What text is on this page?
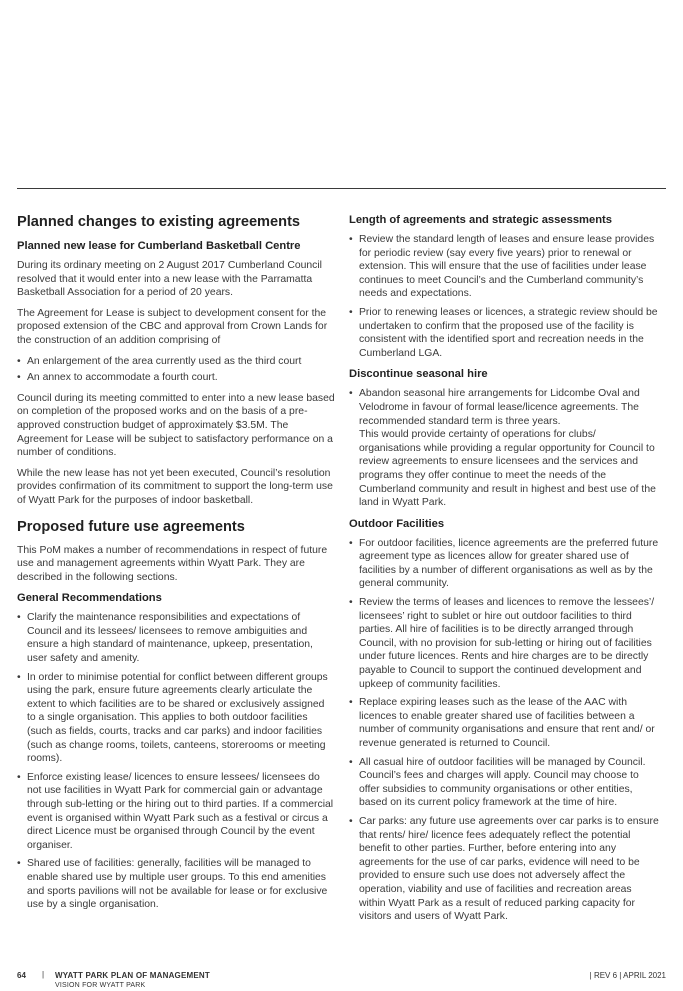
Planned changes to existing agreements
Planned new lease for Cumberland Basketball Centre

During its ordinary meeting on 2 August 2017 Cumberland Council resolved that it would enter into a new lease with the Parramatta Basketball Association for a period of 20 years.

The Agreement for Lease is subject to development consent for the proposed extension of the CBC and approval from Crown Lands for the construction of an addition comprising of

• An enlargement of the area currently used as the third court
• An annex to accommodate a fourth court.

Council during its meeting committed to enter into a new lease based on completion of the proposed works and on the basis of a pre-approved construction budget of approximately $3.5M. The Agreement for Lease will be subject to satisfactory performance on a number of conditions.

While the new lease has not yet been executed, Council’s resolution provides confirmation of its commitment to support the long-term use of Wyatt Park for the purposes of indoor basketball.

Proposed future use agreements

This PoM makes a number of recommendations in respect of future use and management agreements within Wyatt Park. They are described in the following sections.

General Recommendations
• Clarify the maintenance responsibilities and expectations of Council and its lessees/ licensees to remove ambiguities and ensure a high standard of maintenance, upkeep, presentation, user safety and amenity.
• In order to minimise potential for conflict between different groups using the park, ensure future agreements clearly articulate the extent to which facilities are to be shared or exclusively assigned to a single organisation. This applies to both outdoor facilities (such as fields, courts, tracks and car parks) and indoor facilities (such as change rooms, toilets, canteens, storerooms or meeting rooms).
• Enforce existing lease/ licences to ensure lessees/ licensees do not use facilities in Wyatt Park for commercial gain or advantage through sub-letting or the hiring out to third parties. If a commercial event is organised within Wyatt Park such as a festival or circus a direct Licence must be organised through Council by the event organiser.
• Shared use of facilities: generally, facilities will be managed to enable shared use by multiple user groups. To this end amenities and sports pavilions will not be available for lease or for exclusive use by a single organisation.
Length of agreements and strategic assessments
• Review the standard length of leases and ensure lease provides for periodic review (say every five years) prior to renewal or extension. This will ensure that the use of facilities under lease continues to meet Council’s and the Cumberland community’s needs and expectations.
• Prior to renewing leases or licences, a strategic review should be undertaken to confirm that the proposed use of the facility is consistent with the identified sport and recreation needs in the Cumberland LGA.
Discontinue seasonal hire
• Abandon seasonal hire arrangements for Lidcombe Oval and Velodrome in favour of formal lease/licence agreements. The recommended standard term is three years.
This would provide certainty of operations for clubs/ organisations while providing a regular opportunity for Council to review agreements to ensure licensees and the services and programs they offer continue to meet the needs of the Cumberland community and result in highest and best use of the land in Wyatt Park.
Outdoor Facilities
• For outdoor facilities, licence agreements are the preferred future agreement type as licences allow for greater shared use of facilities by a number of different organisations as well as by the general community.
• Review the terms of leases and licences to remove the lessees’/ licensees’ right to sublet or hire out outdoor facilities to third parties. All hire of facilities is to be directly arranged through Council, with no provision for sub-letting or hiring out of facilities under future licences. Rents and hire charges are to be directly payable to Council to support the continued development and upkeep of community facilities.
• Replace expiring leases such as the lease of the AAC with licences to enable greater shared use of facilities between a number of community organisations and ensure that rent and/ or revenue generated is returned to Council.
• All casual hire of outdoor facilities will be managed by Council. Council’s fees and charges will apply. Council may choose to offer subsidies to community organisations or other entities, based on its current policy framework at the time of hire.
• Car parks: any future use agreements over car parks is to ensure that rents/ hire/ licence fees adequately reflect the potential benefit to other parties. Further, before entering into any agreements for the use of car parks, evidence will need to be provided to ensure such use does not adversely affect the operation, viability and use of facilities and recreation areas within Wyatt Park as a result of reduced parking capacity for visitors and users of Wyatt Park.
64 | WYATT PARK PLAN OF MANAGEMENT
VISION FOR WYATT PARK
| REV 6 | APRIL 2021
